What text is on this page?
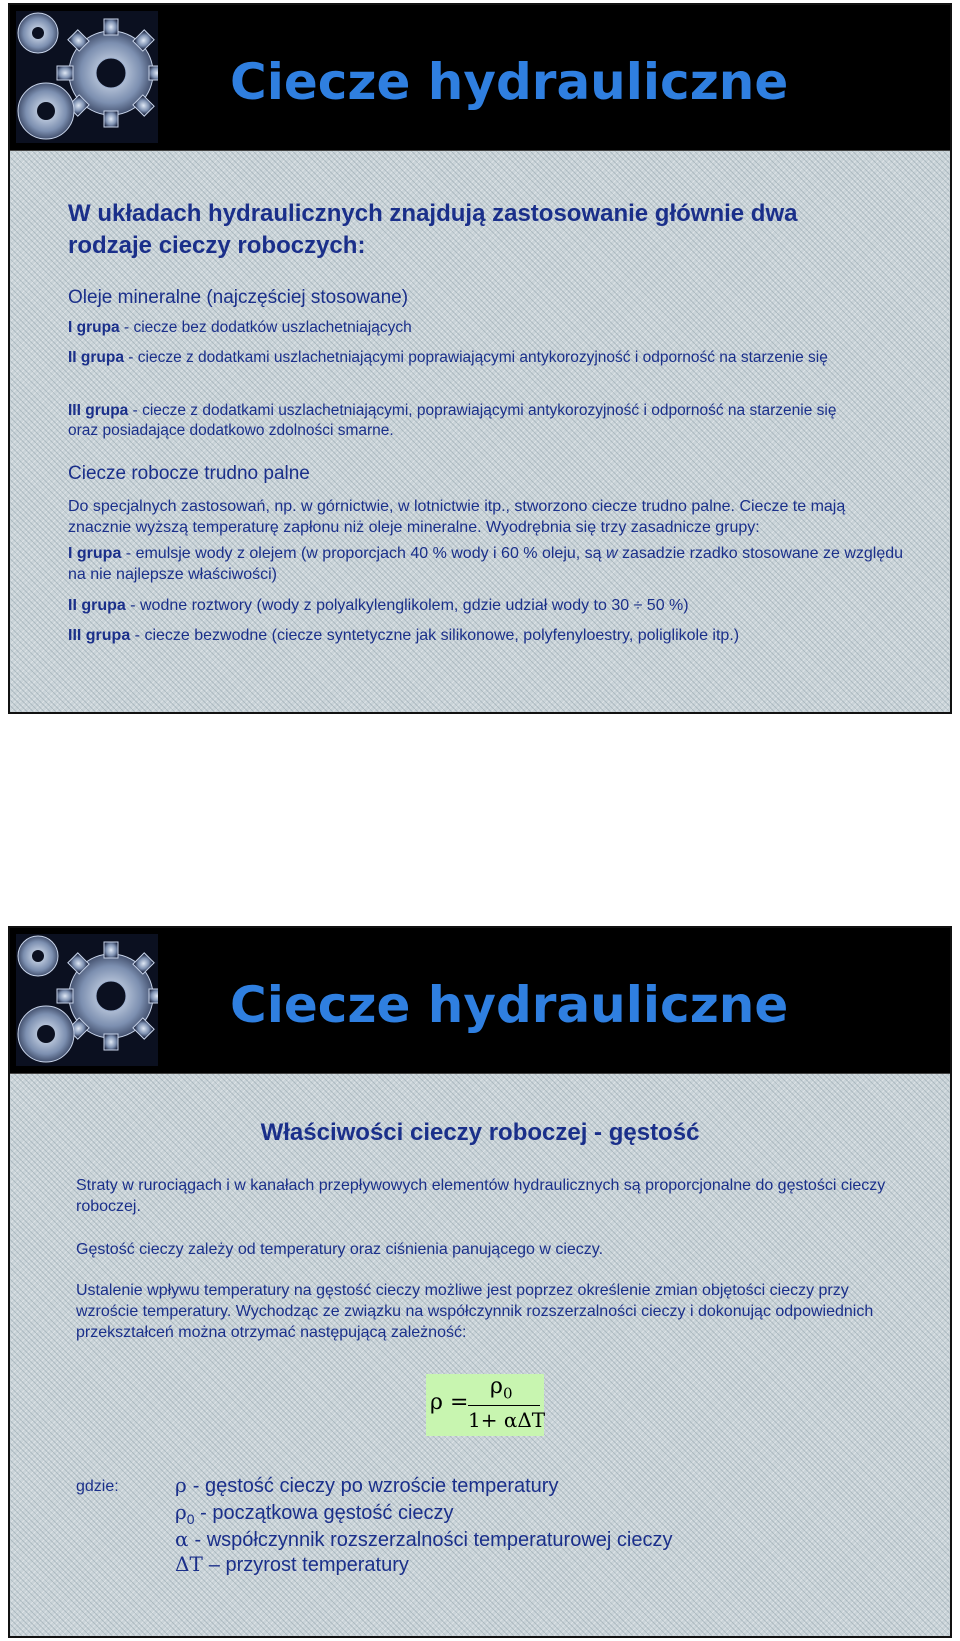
Ciecze hydrauliczne
W układach hydraulicznych znajdują zastosowanie głównie dwa rodzaje cieczy roboczych:
Oleje mineralne (najczęściej stosowane)
I grupa - ciecze bez dodatków uszlachetniających
II grupa - ciecze z dodatkami uszlachetniającymi poprawiającymi antykorozyjność i odporność na starzenie się
III grupa - ciecze z dodatkami uszlachetniającymi, poprawiającymi antykorozyjność i odporność na starzenie się oraz posiadające dodatkowo zdolności smarne.
Ciecze robocze trudno palne
Do specjalnych zastosowań, np. w górnictwie, w lotnictwie itp., stworzono ciecze trudno palne. Ciecze te mają znacznie wyższą temperaturę zapłonu niż oleje mineralne. Wyodrębnia się trzy zasadnicze grupy:
I grupa - emulsje wody z olejem (w proporcjach 40 % wody i 60 % oleju, są w zasadzie rzadko stosowane ze względu na nie najlepsze właściwości)
II grupa - wodne roztwory (wody z polyalkylenglikolem, gdzie udział wody to 30 ÷ 50 %)
III grupa - ciecze bezwodne (ciecze syntetyczne jak silikonowe, polyfenyloestry, poliglikole itp.)
Ciecze hydrauliczne
Właściwości cieczy roboczej - gęstość
Straty w rurociągach i w kanałach przepływowych elementów hydraulicznych są proporcjonalne do gęstości cieczy roboczej.
Gęstość cieczy zależy od temperatury oraz ciśnienia panującego w cieczy.
Ustalenie wpływu temperatury na gęstość cieczy możliwe jest poprzez określenie zmian objętości cieczy przy wzroście temperatury. Wychodząc ze związku na współczynnik rozszerzalności cieczy i dokonując odpowiednich przekształceń można otrzymać następującą zależność:
ρ =
$\rho_0$
1+ αΔT
gdzie:	ρ - gęstość cieczy po wzroście temperatury
$\rho_0$ - początkowa gęstość cieczy
α - współczynnik rozszerzalności temperaturowej cieczy
ΔT – przyrost temperatury
